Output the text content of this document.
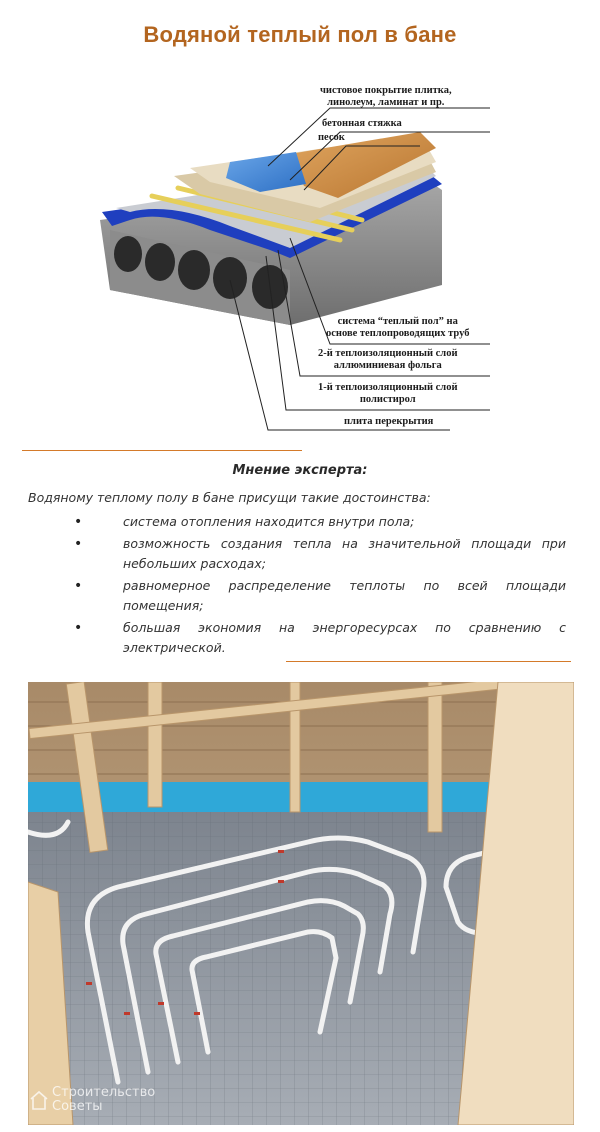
Водяной теплый пол в бане
чистовое покрытие плитка,
линолеум, ламинат и пр.
бетонная стяжка
песок
система “теплый пол” на
основе теплопроводящих труб
2-й теплоизоляционный слой
аллюминиевая фольга
1-й теплоизоляционный слой
полистирол
плита перекрытия
Мнение эксперта:
Водяному теплому полу в бане присущи такие достоинства:
•	система отопления находится внутри пола;
•	возможность создания тепла на значительной площади при небольших расходах;
•	равномерное распределение теплоты по всей площади помещения;
•	большая экономия на энергоресурсах по сравнению с электрической.
Строительство
Советы
